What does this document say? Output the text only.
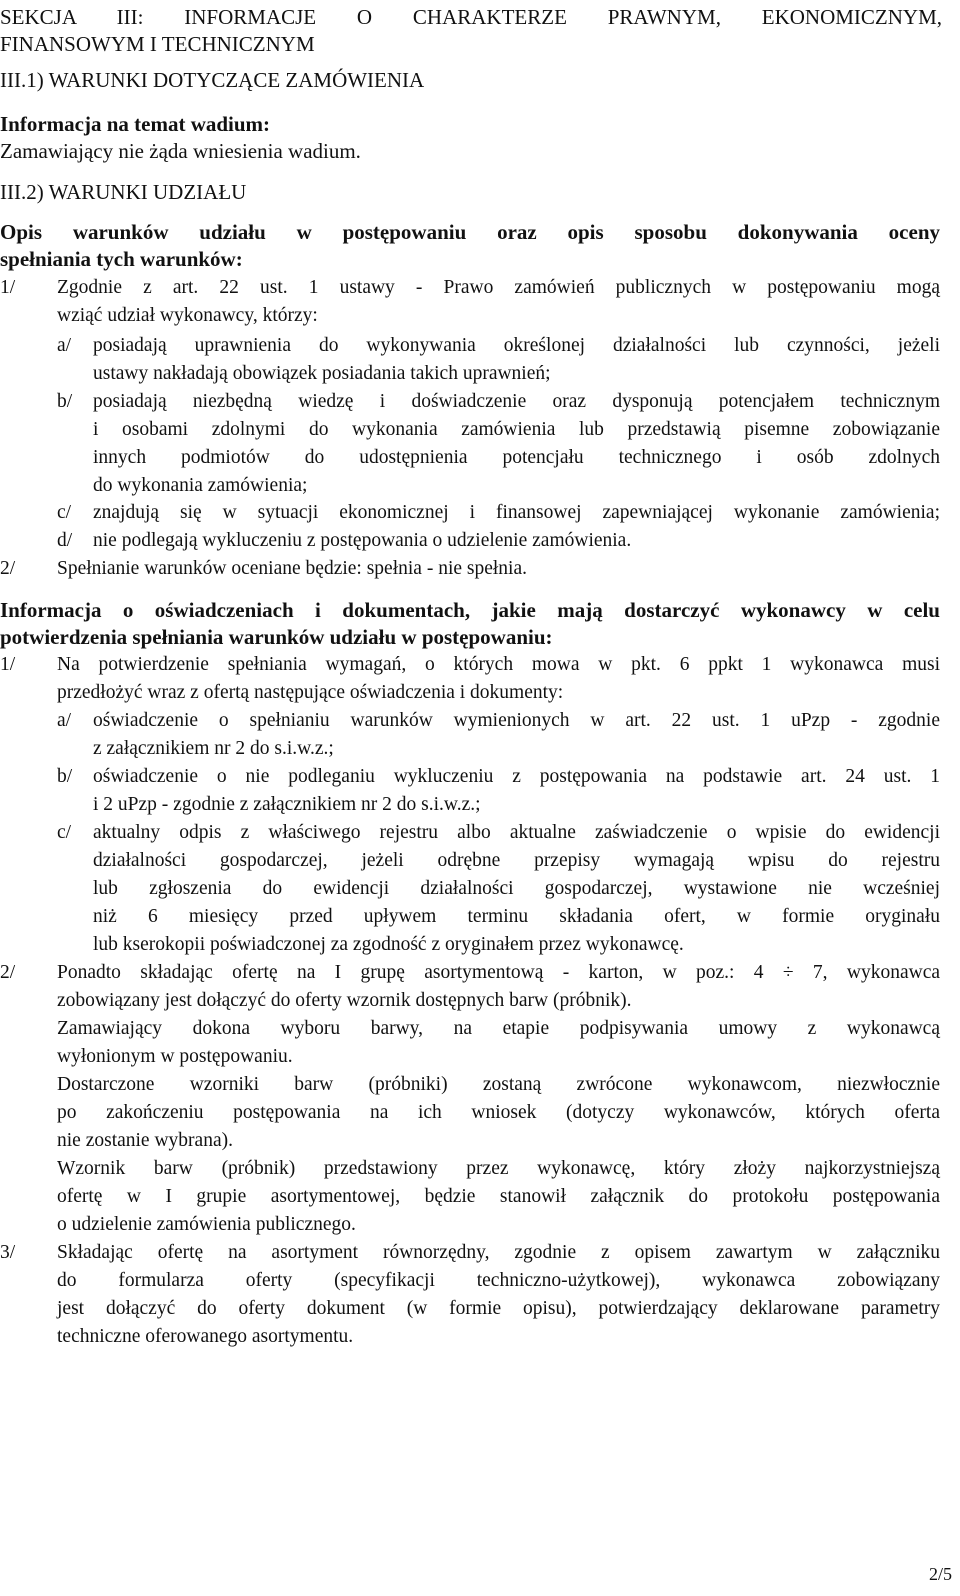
SEKCJA III: INFORMACJE O CHARAKTERZE PRAWNYM, EKONOMICZNYM,
FINANSOWYM I TECHNICZNYM
III.1) WARUNKI DOTYCZĄCE ZAMÓWIENIA
Informacja na temat wadium:
Zamawiający nie żąda wniesienia wadium.
III.2) WARUNKI UDZIAŁU
Opis warunków udziału w postępowaniu oraz opis sposobu dokonywania oceny
spełniania tych warunków:
1/ Zgodnie z art. 22 ust. 1 ustawy - Prawo zamówień publicznych w postępowaniu mogą
wziąć udział wykonawcy, którzy:
a/ posiadają uprawnienia do wykonywania określonej działalności lub czynności, jeżeli
ustawy nakładają obowiązek posiadania takich uprawnień;
b/ posiadają niezbędną wiedzę i doświadczenie oraz dysponują potencjałem technicznym
i osobami zdolnymi do wykonania zamówienia lub przedstawią pisemne zobowiązanie
innych podmiotów do udostępnienia potencjału technicznego i osób zdolnych
do wykonania zamówienia;
c/ znajdują się w sytuacji ekonomicznej i finansowej zapewniającej wykonanie zamówienia;
d/ nie podlegają wykluczeniu z postępowania o udzielenie zamówienia.
2/ Spełnianie warunków oceniane będzie: spełnia - nie spełnia.
Informacja o oświadczeniach i dokumentach, jakie mają dostarczyć wykonawcy w celu
potwierdzenia spełniania warunków udziału w postępowaniu:
1/ Na potwierdzenie spełniania wymagań, o których mowa w pkt. 6 ppkt 1 wykonawca musi
przedłożyć wraz z ofertą następujące oświadczenia i dokumenty:
a/ oświadczenie o spełnianiu warunków wymienionych w art. 22 ust. 1 uPzp - zgodnie
z załącznikiem nr 2 do s.i.w.z.;
b/ oświadczenie o nie podleganiu wykluczeniu z postępowania na podstawie art. 24 ust. 1
i 2 uPzp - zgodnie z załącznikiem nr 2 do s.i.w.z.;
c/ aktualny odpis z właściwego rejestru albo aktualne zaświadczenie o wpisie do ewidencji
działalności gospodarczej, jeżeli odrębne przepisy wymagają wpisu do rejestru
lub zgłoszenia do ewidencji działalności gospodarczej, wystawione nie wcześniej
niż 6 miesięcy przed upływem terminu składania ofert, w formie oryginału
lub kserokopii poświadczonej za zgodność z oryginałem przez wykonawcę.
2/ Ponadto składając ofertę na I grupę asortymentową - karton, w poz.: 4 ÷ 7, wykonawca
zobowiązany jest dołączyć do oferty wzornik dostępnych barw (próbnik).
Zamawiający dokona wyboru barwy, na etapie podpisywania umowy z wykonawcą
wyłonionym w postępowaniu.
Dostarczone wzorniki barw (próbniki) zostaną zwrócone wykonawcom, niezwłocznie
po zakończeniu postępowania na ich wniosek (dotyczy wykonawców, których oferta
nie zostanie wybrana).
Wzornik barw (próbnik) przedstawiony przez wykonawcę, który złoży najkorzystniejszą
ofertę w I grupie asortymentowej, będzie stanowił załącznik do protokołu postępowania
o udzielenie zamówienia publicznego.
3/ Składając ofertę na asortyment równorzędny, zgodnie z opisem zawartym w załączniku
do formularza oferty (specyfikacji techniczno-użytkowej), wykonawca zobowiązany
jest dołączyć do oferty dokument (w formie opisu), potwierdzający deklarowane parametry
techniczne oferowanego asortymentu.
2/5
